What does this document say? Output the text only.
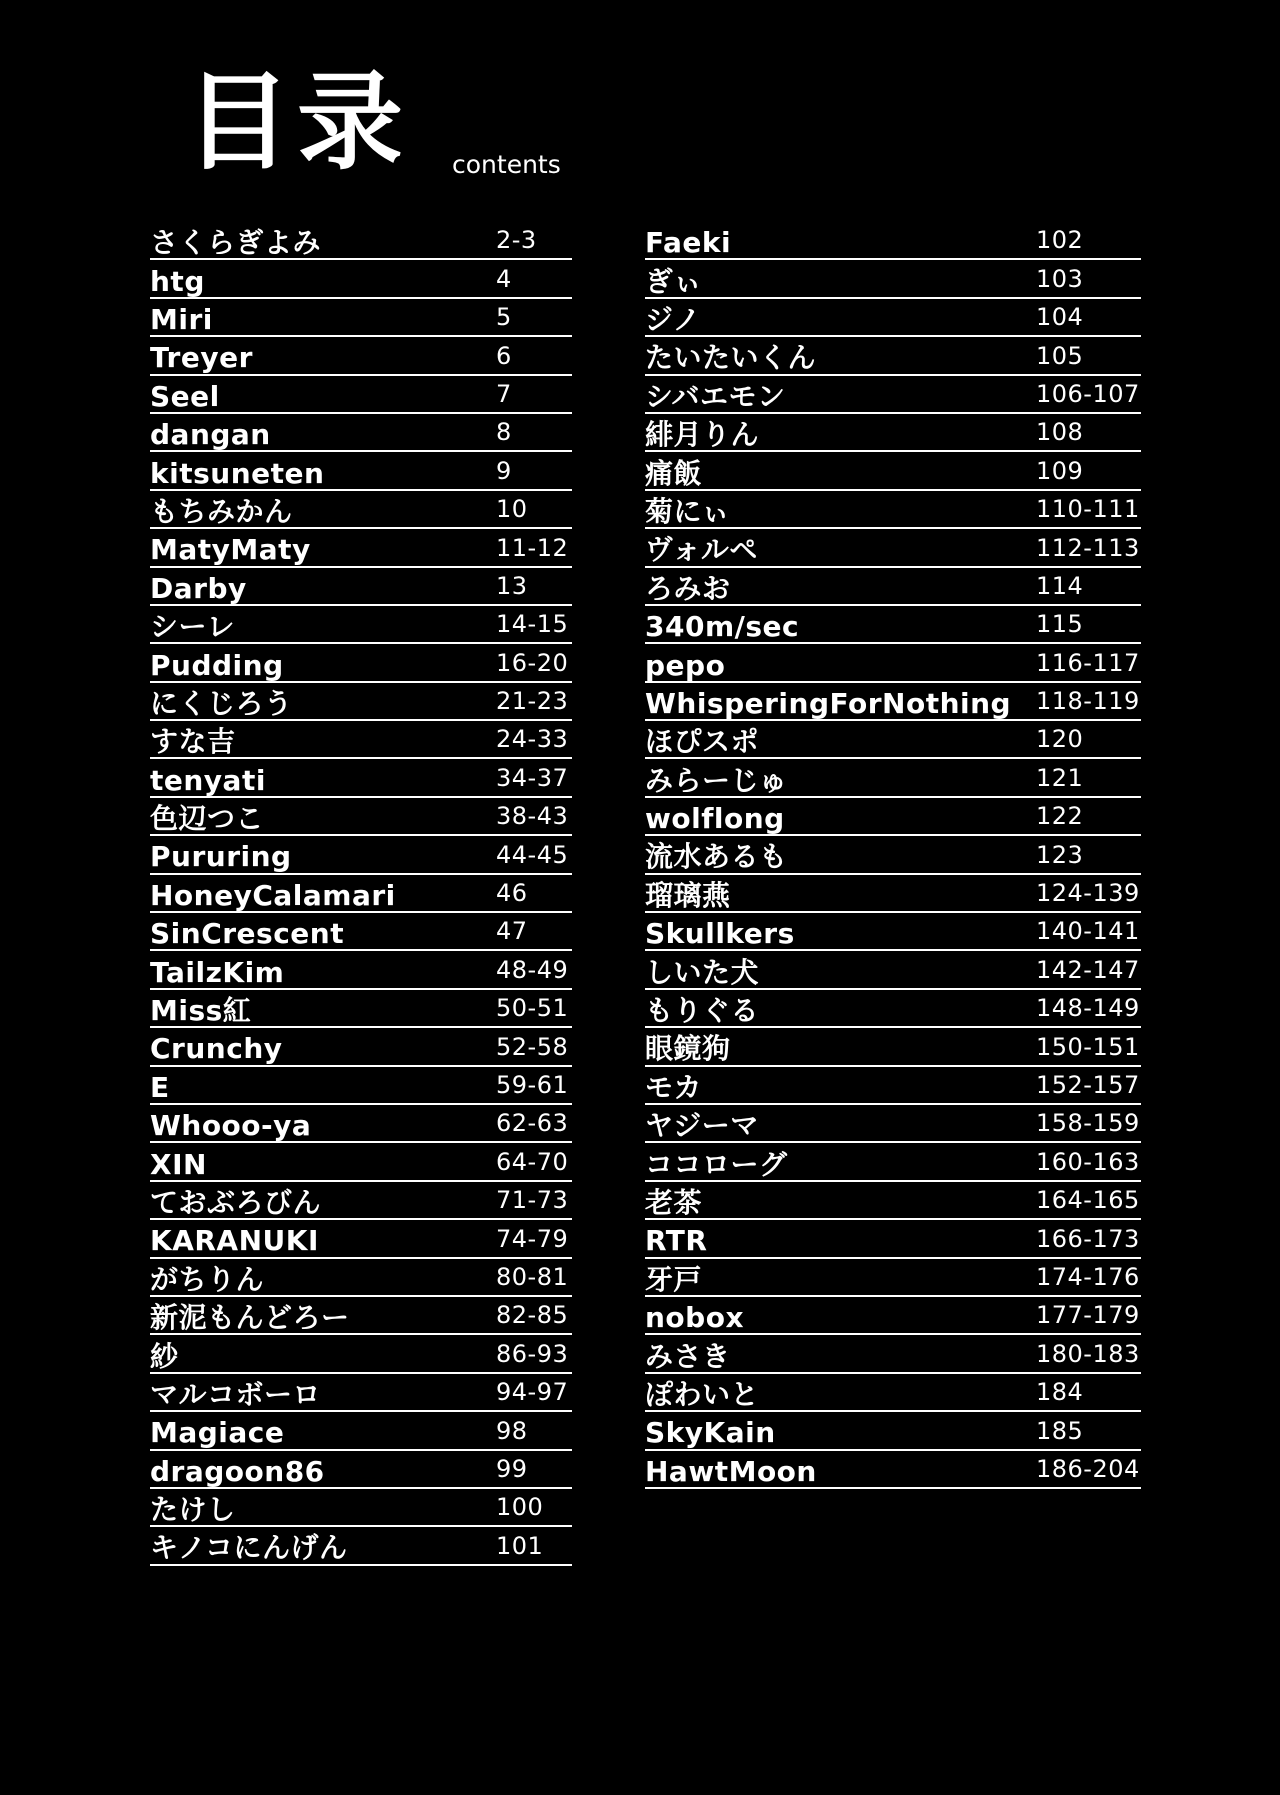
目录 contents
さくらぎよみ	2-3
htg	4
Miri	5
Treyer	6
Seel	7
dangan	8
kitsuneten	9
もちみかん	10
MatyMaty	11-12
Darby	13
シーレ	14-15
Pudding	16-20
にくじろう	21-23
すな吉	24-33
tenyati	34-37
色辺つこ	38-43
Pururing	44-45
HoneyCalamari	46
SinCrescent	47
TailzKim	48-49
Miss紅	50-51
Crunchy	52-58
E	59-61
Whooo-ya	62-63
XIN	64-70
ておぶろびん	71-73
KARANUKI	74-79
がちりん	80-81
新泥もんどろー	82-85
紗	86-93
マルコボーロ	94-97
Magiace	98
dragoon86	99
たけし	100
キノコにんげん	101
Faeki	102
ぎぃ	103
ジノ	104
たいたいくん	105
シバエモン	106-107
緋月りん	108
痛飯	109
菊にぃ	110-111
ヴォルペ	112-113
ろみお	114
340m/sec	115
pepo	116-117
WhisperingForNothing 118-119
ほぴスポ	120
みらーじゅ	121
wolflong	122
流水あるも	123
瑠璃燕	124-139
Skullkers	140-141
しいた犬	142-147
もりぐる	148-149
眼鏡狗	150-151
モカ	152-157
ヤジーマ	158-159
ココローグ	160-163
老茶	164-165
RTR	166-173
牙戸	174-176
nobox	177-179
みさき	180-183
ぽわいと	184
SkyKain	185
HawtMoon	186-204
